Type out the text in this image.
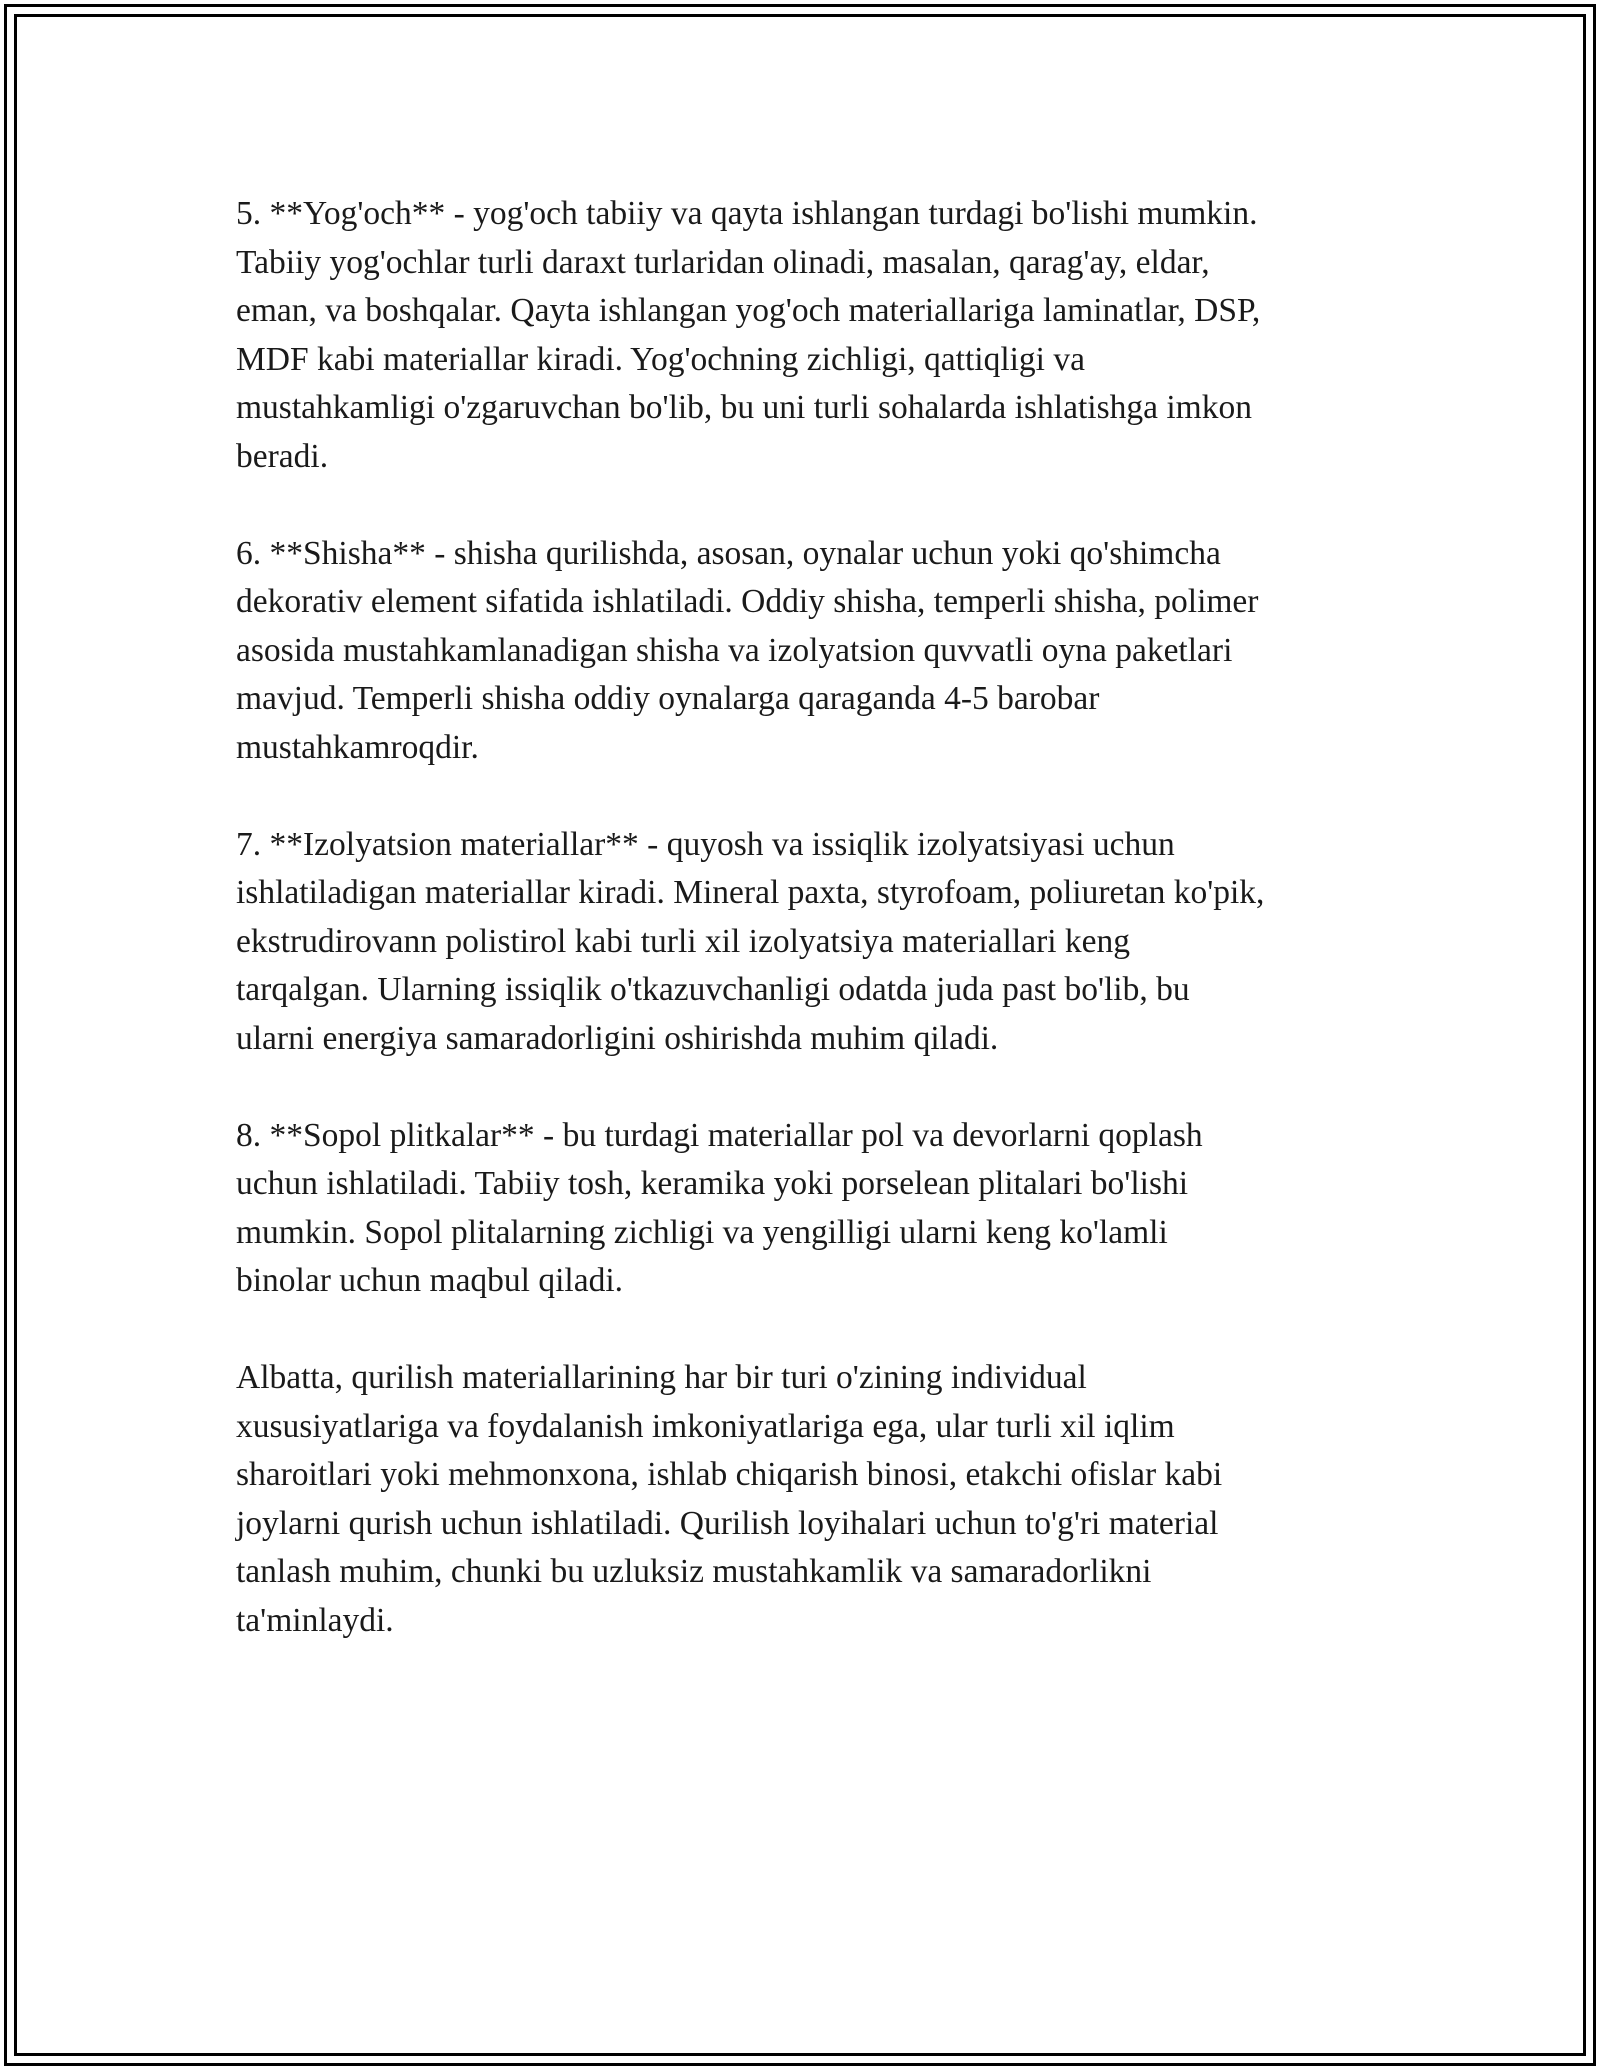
5. **Yog'och** - yog'och tabiiy va qayta ishlangan turdagi bo'lishi mumkin.
Tabiiy yog'ochlar turli daraxt turlaridan olinadi, masalan, qarag'ay, eldar,
eman, va boshqalar. Qayta ishlangan yog'och materiallariga laminatlar, DSP,
MDF kabi materiallar kiradi. Yog'ochning zichligi, qattiqligi va
mustahkamligi o'zgaruvchan bo'lib, bu uni turli sohalarda ishlatishga imkon
beradi.

6. **Shisha** - shisha qurilishda, asosan, oynalar uchun yoki qo'shimcha
dekorativ element sifatida ishlatiladi. Oddiy shisha, temperli shisha, polimer
asosida mustahkamlanadigan shisha va izolyatsion quvvatli oyna paketlari
mavjud. Temperli shisha oddiy oynalarga qaraganda 4-5 barobar
mustahkamroqdir.

7. **Izolyatsion materiallar** - quyosh va issiqlik izolyatsiyasi uchun
ishlatiladigan materiallar kiradi. Mineral paxta, styrofoam, poliuretan ko'pik,
ekstrudirovann polistirol kabi turli xil izolyatsiya materiallari keng
tarqalgan. Ularning issiqlik o'tkazuvchanligi odatda juda past bo'lib, bu
ularni energiya samaradorligini oshirishda muhim qiladi.

8. **Sopol plitkalar** - bu turdagi materiallar pol va devorlarni qoplash
uchun ishlatiladi. Tabiiy tosh, keramika yoki porselean plitalari bo'lishi
mumkin. Sopol plitalarning zichligi va yengilligi ularni keng ko'lamli
binolar uchun maqbul qiladi.

Albatta, qurilish materiallarining har bir turi o'zining individual
xususiyatlariga va foydalanish imkoniyatlariga ega, ular turli xil iqlim
sharoitlari yoki mehmonxona, ishlab chiqarish binosi, etakchi ofislar kabi
joylarni qurish uchun ishlatiladi. Qurilish loyihalari uchun to'g'ri material
tanlash muhim, chunki bu uzluksiz mustahkamlik va samaradorlikni
ta'minlaydi.
